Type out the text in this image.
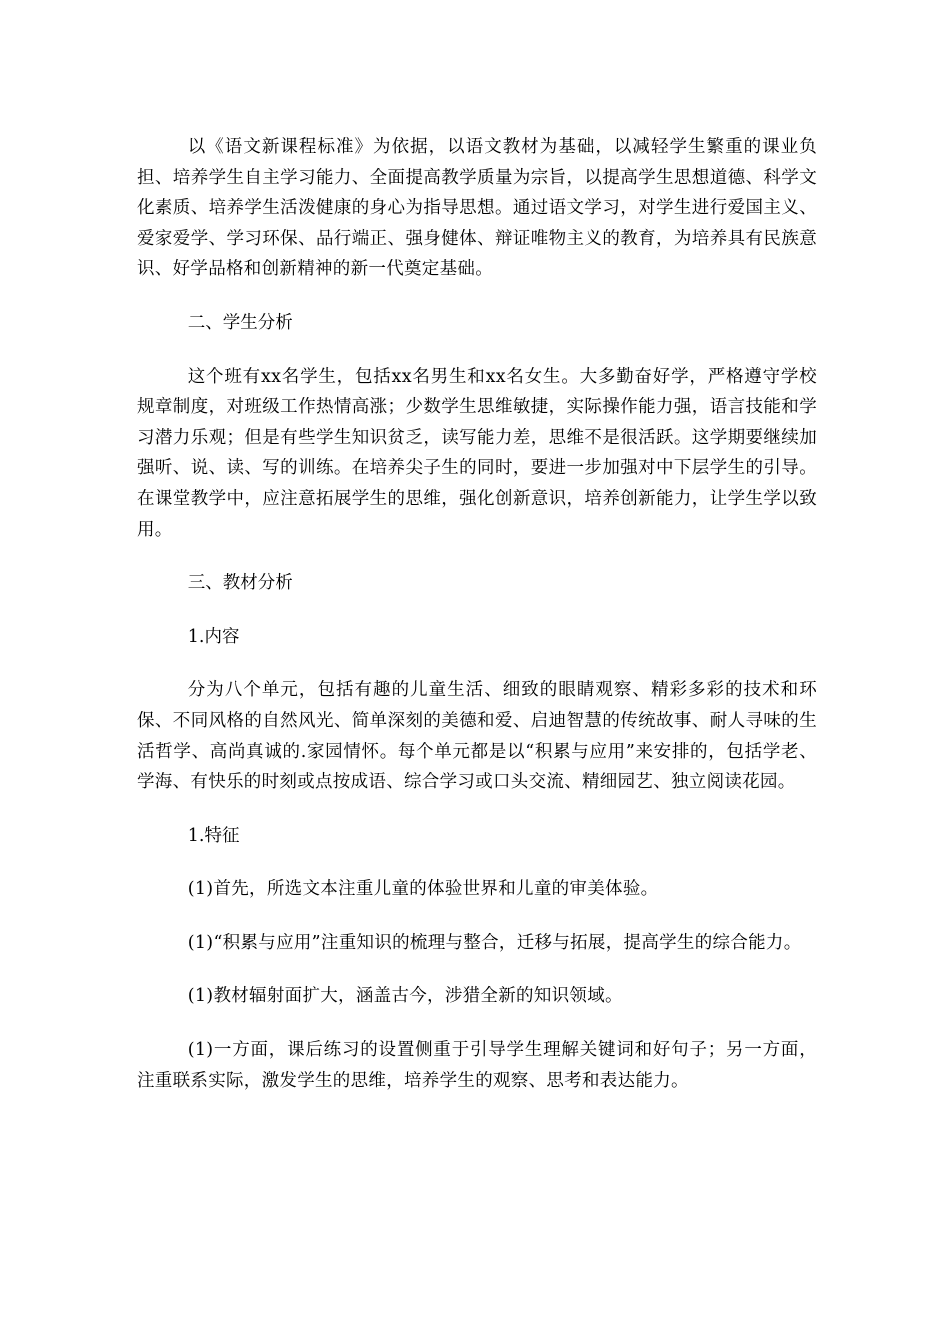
以《语文新课程标准》为依据，以语文教材为基础，以减轻学生繁重的课业负担、培养学生自主学习能力、全面提高教学质量为宗旨，以提高学生思想道德、科学文化素质、培养学生活泼健康的身心为指导思想。通过语文学习，对学生进行爱国主义、爱家爱学、学习环保、品行端正、强身健体、辩证唯物主义的教育，为培养具有民族意识、好学品格和创新精神的新一代奠定基础。

二、学生分析

这个班有xx名学生，包括xx名男生和xx名女生。大多勤奋好学，严格遵守学校规章制度，对班级工作热情高涨；少数学生思维敏捷，实际操作能力强，语言技能和学习潜力乐观；但是有些学生知识贫乏，读写能力差，思维不是很活跃。这学期要继续加强听、说、读、写的训练。在培养尖子生的同时，要进一步加强对中下层学生的引导。在课堂教学中，应注意拓展学生的思维，强化创新意识，培养创新能力，让学生学以致用。

三、教材分析

1.内容

分为八个单元，包括有趣的儿童生活、细致的眼睛观察、精彩多彩的技术和环保、不同风格的自然风光、简单深刻的美德和爱、启迪智慧的传统故事、耐人寻味的生活哲学、高尚真诚的.家园情怀。每个单元都是以“积累与应用”来安排的，包括学老、学海、有快乐的时刻或点按成语、综合学习或口头交流、精细园艺、独立阅读花园。

1.特征

(1)首先，所选文本注重儿童的体验世界和儿童的审美体验。

(1)“积累与应用”注重知识的梳理与整合，迁移与拓展，提高学生的综合能力。

(1)教材辐射面扩大，涵盖古今，涉猎全新的知识领域。

(1)一方面，课后练习的设置侧重于引导学生理解关键词和好句子；另一方面，注重联系实际，激发学生的思维，培养学生的观察、思考和表达能力。
